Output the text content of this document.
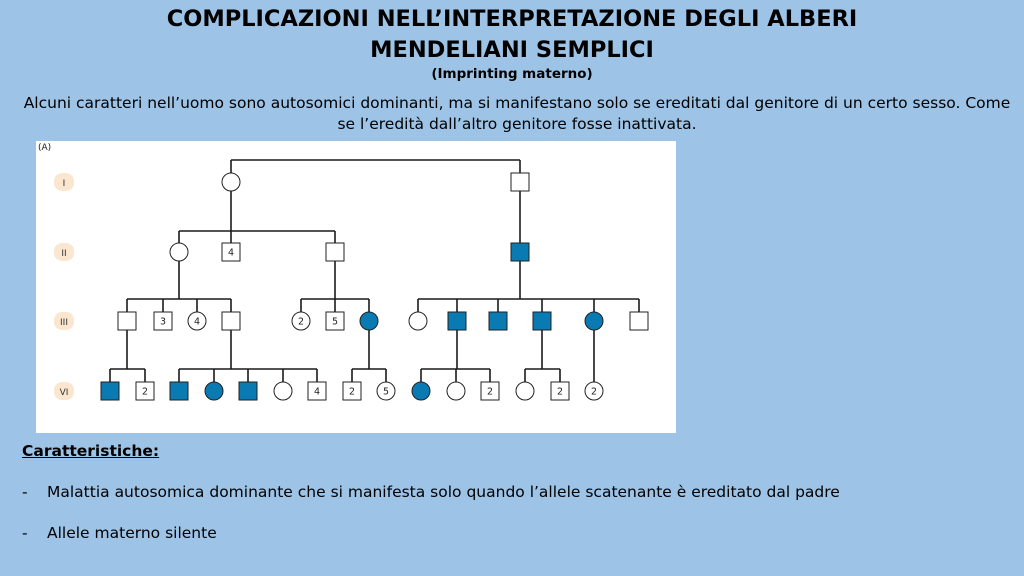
COMPLICAZIONI NELL’INTERPRETAZIONE DEGLI ALBERI
MENDELIANI SEMPLICI
(Imprinting materno)
Alcuni caratteri nell’uomo sono autosomici dominanti, ma si manifestano solo se ereditati dal genitore di un certo sesso. Come se l’eredità dall’altro genitore fosse inattivata.
(A)
I
II
III
VI
4
3	4	2	5
2	4	2	5	2	2	2
Caratteristiche:
-	Malattia autosomica dominante che si manifesta solo quando l’allele scatenante è ereditato dal padre
-	Allele materno silente
